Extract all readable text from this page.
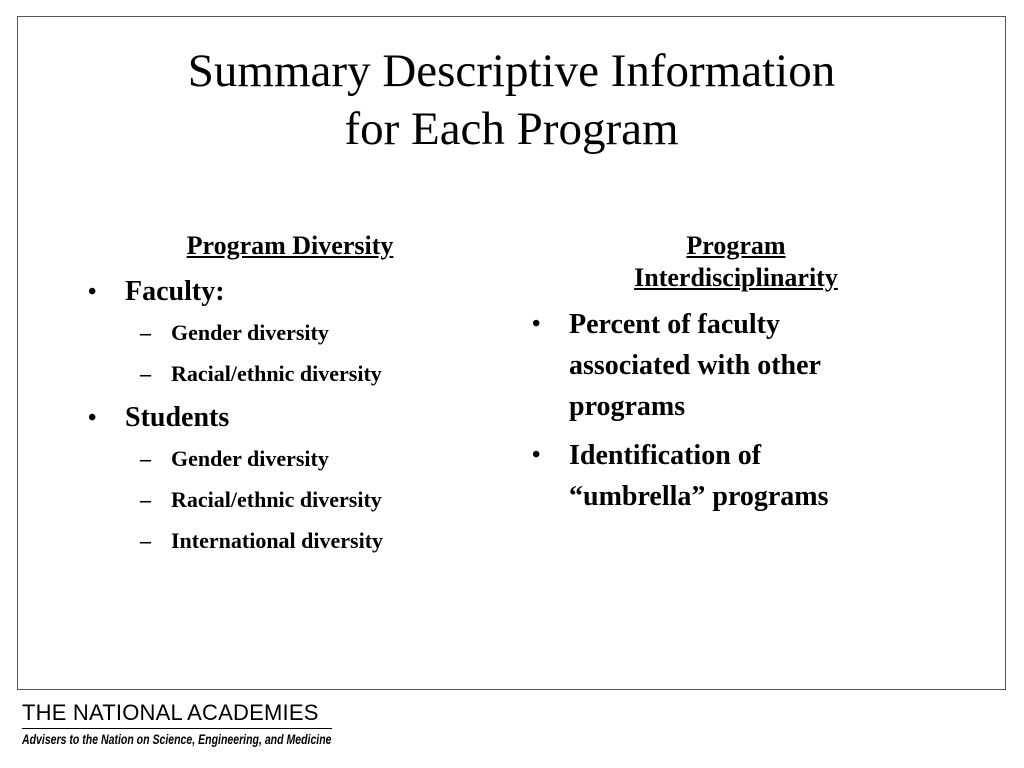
Summary Descriptive Information
for Each Program
Program Diversity
• Faculty:
– Gender diversity
– Racial/ethnic diversity
• Students
– Gender diversity
– Racial/ethnic diversity
– International diversity
Program
Interdisciplinarity
• Percent of faculty
associated with other
programs
• Identification of
“umbrella” programs
THE NATIONAL ACADEMIES
Advisers to the Nation on Science, Engineering, and Medicine
